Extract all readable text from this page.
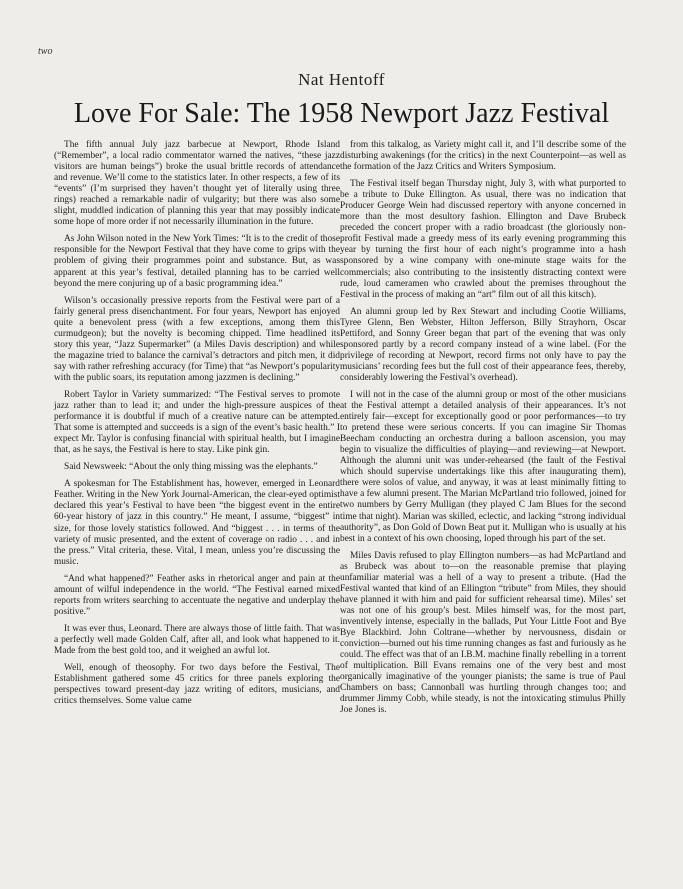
two
Nat Hentoff
Love For Sale: The 1958 Newport Jazz Festival

The fifth annual July jazz barbecue at Newport, Rhode Island (“Remember”, a local radio commentator warned the natives, “these jazz visitors are human beings”) broke the usual brittle records of attendance and revenue. We’ll come to the statistics later. In other respects, a few of its “events” (I’m surprised they haven’t thought yet of literally using three rings) reached a remarkable nadir of vulgarity; but there was also some slight, muddled indication of planning this year that may possibly indicate some hope of more order if not necessarily illumination in the future.

As John Wilson noted in the New York Times: “It is to the credit of those responsible for the Newport Festival that they have come to grips with the problem of giving their programmes point and substance. But, as was apparent at this year’s festival, detailed planning has to be carried well beyond the mere conjuring up of a basic programming idea.”

Wilson’s occasionally pressive reports from the Festival were part of a fairly general press disenchantment. For four years, Newport has enjoyed quite a benevolent press (with a few exceptions, among them this curmudgeon); but the novelty is becoming chipped. Time headlined its story this year, “Jazz Supermarket” (a Miles Davis description) and while the magazine tried to balance the carnival’s detractors and pitch men, it did say with rather refreshing accuracy (for Time) that “as Newport’s popularity with the public soars, its reputation among jazzmen is declining.”

Robert Taylor in Variety summarized: “The Festival serves to promote jazz rather than to lead it; and under the high-pressure auspices of the performance it is doubtful if much of a creative nature can be attempted. That some is attempted and succeeds is a sign of the event’s basic health.” I expect Mr. Taylor is confusing financial with spiritual health, but I imagine that, as he says, the Festival is here to stay. Like pink gin.

Said Newsweek: “About the only thing missing was the elephants.”

A spokesman for The Establishment has, however, emerged in Leonard Feather. Writing in the New York Journal-American, the clear-eyed optimist declared this year’s Festival to have been “the biggest event in the entire 60-year history of jazz in this country.” He meant, I assume, “biggest” in size, for those lovely statistics followed. And “biggest . . . in terms of the variety of music presented, and the extent of coverage on radio . . . and in the press.” Vital criteria, these. Vital, I mean, unless you’re discussing the music.

“And what happened?” Feather asks in rhetorical anger and pain at the amount of wilful independence in the world. “The Festival earned mixed reports from writers searching to accentuate the negative and underplay the positive.”

It was ever thus, Leonard. There are always those of little faith. That was a perfectly well made Golden Calf, after all, and look what happened to it. Made from the best gold too, and it weighed an awful lot.

Well, enough of theosophy. For two days before the Festival, The Establishment gathered some 45 critics for three panels exploring the perspectives toward present-day jazz writing of editors, musicians, and critics themselves. Some value came

from this talkalog, as Variety might call it, and I’ll describe some of the disturbing awakenings (for the critics) in the next Counterpoint—as well as the formation of the Jazz Critics and Writers Symposium.

The Festival itself began Thursday night, July 3, with what purported to be a tribute to Duke Ellington. As usual, there was no indication that Producer George Wein had discussed repertory with anyone concerned in more than the most desultory fashion. Ellington and Dave Brubeck preceded the concert proper with a radio broadcast (the gloriously non-profit Festival made a greedy mess of its early evening programming this year by turning the first hour of each night’s programme into a hash sponsored by a wine company with one-minute stage waits for the commercials; also contributing to the insistently distracting context were rude, loud cameramen who crawled about the premises throughout the Festival in the process of making an “art” film out of all this kitsch).

An alumni group led by Rex Stewart and including Cootie Williams, Tyree Glenn, Ben Webster, Hilton Jefferson, Billy Strayhorn, Oscar Pettiford, and Sonny Greer began that part of the evening that was only sponsored partly by a record company instead of a wine label. (For the privilege of recording at Newport, record firms not only have to pay the musicians’ recording fees but the full cost of their appearance fees, thereby, considerably lowering the Festival’s overhead).

I will not in the case of the alumni group or most of the other musicians at the Festival attempt a detailed analysis of their appearances. It’s not entirely fair—except for exceptionally good or poor performances—to try to pretend these were serious concerts. If you can imagine Sir Thomas Beecham conducting an orchestra during a balloon ascension, you may begin to visualize the difficulties of playing—and reviewing—at Newport. Although the alumni unit was under-rehearsed (the fault of the Festival which should supervise undertakings like this after inaugurating them), there were solos of value, and anyway, it was at least minimally fitting to have a few alumni present. The Marian McPartland trio followed, joined for two numbers by Gerry Mulligan (they played C Jam Blues for the second time that night). Marian was skilled, eclectic, and lacking “strong individual authority”, as Don Gold of Down Beat put it. Mulligan who is usually at his best in a context of his own choosing, loped through his part of the set.

Miles Davis refused to play Ellington numbers—as had McPartland and as Brubeck was about to—on the reasonable premise that playing unfamiliar material was a hell of a way to present a tribute. (Had the Festival wanted that kind of an Ellington “tribute” from Miles, they should have planned it with him and paid for sufficient rehearsal time). Miles’ set was not one of his group’s best. Miles himself was, for the most part, inventively intense, especially in the ballads, Put Your Little Foot and Bye Bye Blackbird. John Coltrane—whether by nervousness, disdain or conviction—burned out his time running changes as fast and furiously as he could. The effect was that of an I.B.M. machine finally rebelling in a torrent of multiplication. Bill Evans remains one of the very best and most organically imaginative of the younger pianists; the same is true of Paul Chambers on bass; Cannonball was hurtling through changes too; and drummer Jimmy Cobb, while steady, is not the intoxicating stimulus Philly Joe Jones is.
